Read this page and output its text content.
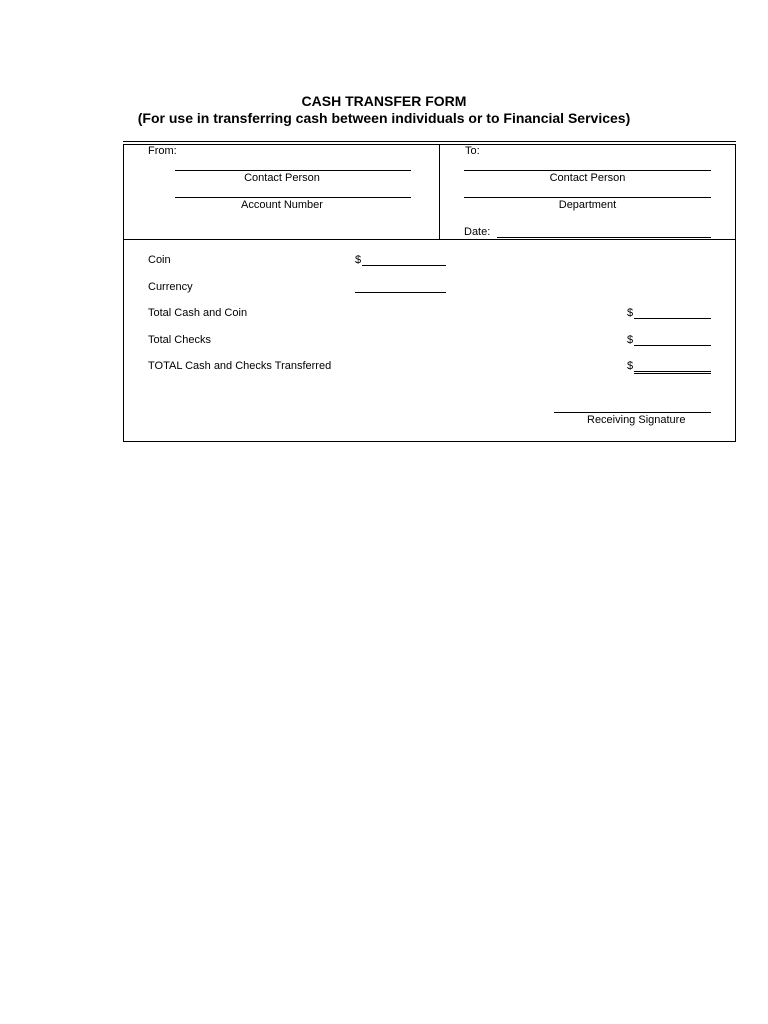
CASH TRANSFER FORM
(For use in transferring cash between individuals or to Financial Services)
From:
Contact Person
Account Number
To:
Contact Person
Department
Date:
Coin	$
Currency
Total Cash and Coin	$
Total Checks	$
TOTAL Cash and Checks Transferred	$
Receiving Signature
